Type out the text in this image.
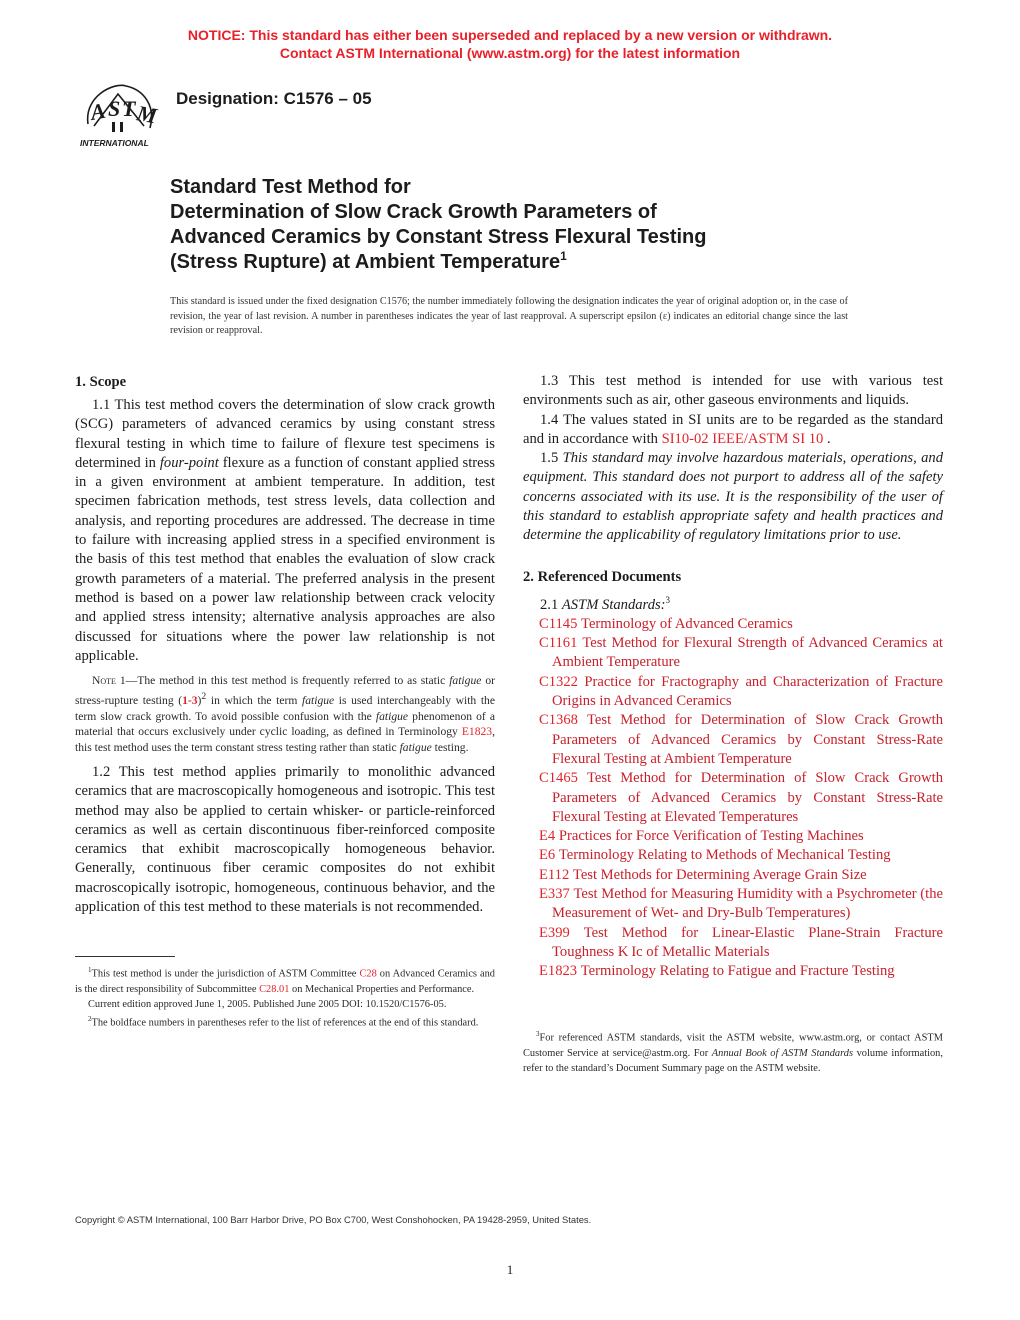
NOTICE: This standard has either been superseded and replaced by a new version or withdrawn.
Contact ASTM International (www.astm.org) for the latest information
A S T M
INTERNATIONAL
Designation: C1576 – 05
Standard Test Method for
Determination of Slow Crack Growth Parameters of
Advanced Ceramics by Constant Stress Flexural Testing
(Stress Rupture) at Ambient Temperature$^1$
This standard is issued under the fixed designation C1576; the number immediately following the designation indicates the year of original adoption or, in the case of revision, the year of last revision. A number in parentheses indicates the year of last reapproval. A superscript epsilon (ε) indicates an editorial change since the last revision or reapproval.
1. Scope

1.1 This test method covers the determination of slow crack growth (SCG) parameters of advanced ceramics by using constant stress flexural testing in which time to failure of flexure test specimens is determined in four-point flexure as a function of constant applied stress in a given environment at ambient temperature. In addition, test specimen fabrication methods, test stress levels, data collection and analysis, and reporting procedures are addressed. The decrease in time to failure with increasing applied stress in a specified environment is the basis of this test method that enables the evaluation of slow crack growth parameters of a material. The preferred analysis in the present method is based on a power law relationship between crack velocity and applied stress intensity; alternative analysis approaches are also discussed for situations where the power law relationship is not applicable.

Note 1—The method in this test method is frequently referred to as static fatigue or stress-rupture testing $(1-3)^2$ in which the term fatigue is used interchangeably with the term slow crack growth. To avoid possible confusion with the fatigue phenomenon of a material that occurs exclusively under cyclic loading, as defined in Terminology E1823, this test method uses the term constant stress testing rather than static fatigue testing.

1.2 This test method applies primarily to monolithic advanced ceramics that are macroscopically homogeneous and isotropic. This test method may also be applied to certain whisker- or particle-reinforced ceramics as well as certain discontinuous fiber-reinforced composite ceramics that exhibit macroscopically homogeneous behavior. Generally, continuous fiber ceramic composites do not exhibit macroscopically isotropic, homogeneous, continuous behavior, and the application of this test method to these materials is not recommended.

$^1$This test method is under the jurisdiction of ASTM Committee C28 on Advanced Ceramics and is the direct responsibility of Subcommittee C28.01 on Mechanical Properties and Performance.

Current edition approved June 1, 2005. Published June 2005 DOI: 10.1520/C1576-05.

$^2$The boldface numbers in parentheses refer to the list of references at the end of this standard.

1.3 This test method is intended for use with various test environments such as air, other gaseous environments and liquids.

1.4 The values stated in SI units are to be regarded as the standard and in accordance with SI10-02 IEEE/ASTM SI 10 .

1.5 This standard may involve hazardous materials, operations, and equipment. This standard does not purport to address all of the safety concerns associated with its use. It is the responsibility of the user of this standard to establish appropriate safety and health practices and determine the applicability of regulatory limitations prior to use.

2. Referenced Documents

2.1 ASTM Standards:$^3$

C1145 Terminology of Advanced Ceramics
C1161 Test Method for Flexural Strength of Advanced Ceramics at Ambient Temperature
C1322 Practice for Fractography and Characterization of Fracture Origins in Advanced Ceramics
C1368 Test Method for Determination of Slow Crack Growth Parameters of Advanced Ceramics by Constant Stress-Rate Flexural Testing at Ambient Temperature
C1465 Test Method for Determination of Slow Crack Growth Parameters of Advanced Ceramics by Constant Stress-Rate Flexural Testing at Elevated Temperatures
E4 Practices for Force Verification of Testing Machines
E6 Terminology Relating to Methods of Mechanical Testing
E112 Test Methods for Determining Average Grain Size
E337 Test Method for Measuring Humidity with a Psychrometer (the Measurement of Wet- and Dry-Bulb Temperatures)
E399 Test Method for Linear-Elastic Plane-Strain Fracture Toughness K Ic of Metallic Materials
E1823 Terminology Relating to Fatigue and Fracture Testing

$^3$For referenced ASTM standards, visit the ASTM website, www.astm.org, or contact ASTM Customer Service at service@astm.org. For Annual Book of ASTM Standards volume information, refer to the standard’s Document Summary page on the ASTM website.

Copyright © ASTM International, 100 Barr Harbor Drive, PO Box C700, West Conshohocken, PA 19428-2959, United States.
1
